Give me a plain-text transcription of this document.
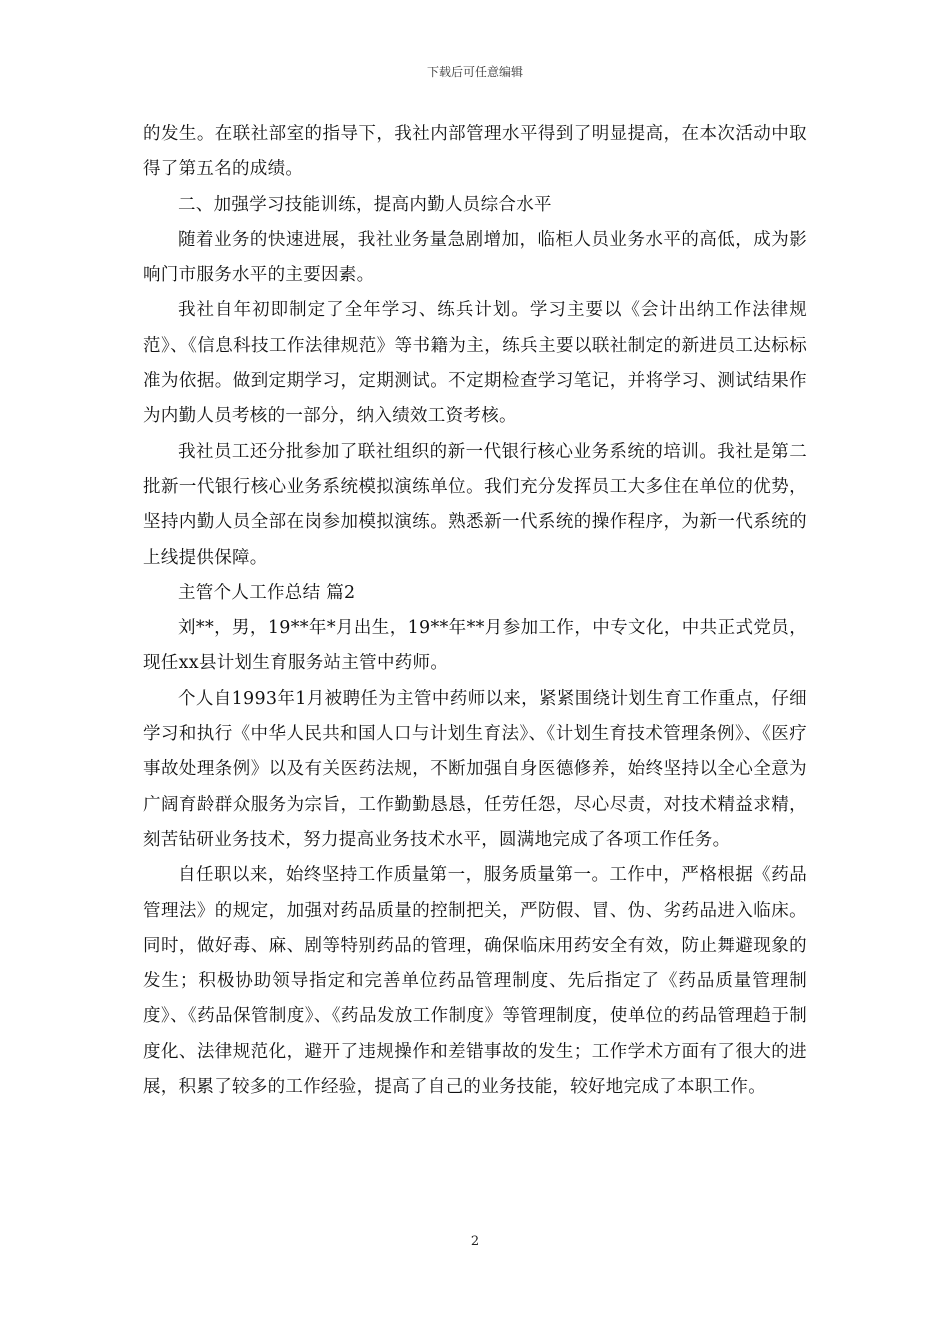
下载后可任意编辑

的发生。在联社部室的指导下，我社内部管理水平得到了明显提高，在本次活动中取得了第五名的成绩。

二、加强学习技能训练，提高内勤人员综合水平

随着业务的快速进展，我社业务量急剧增加，临柜人员业务水平的高低，成为影响门市服务水平的主要因素。

我社自年初即制定了全年学习、练兵计划。学习主要以《会计出纳工作法律规范》、《信息科技工作法律规范》等书籍为主，练兵主要以联社制定的新进员工达标标准为依据。做到定期学习，定期测试。不定期检查学习笔记，并将学习、测试结果作为内勤人员考核的一部分，纳入绩效工资考核。

我社员工还分批参加了联社组织的新一代银行核心业务系统的培训。我社是第二批新一代银行核心业务系统模拟演练单位。我们充分发挥员工大多住在单位的优势，坚持内勤人员全部在岗参加模拟演练。熟悉新一代系统的操作程序，为新一代系统的上线提供保障。

主管个人工作总结 篇2

刘**，男，19**年*月出生，19**年**月参加工作，中专文化，中共正式党员，现任xx县计划生育服务站主管中药师。

个人自1993年1月被聘任为主管中药师以来，紧紧围绕计划生育工作重点，仔细学习和执行《中华人民共和国人口与计划生育法》、《计划生育技术管理条例》、《医疗事故处理条例》以及有关医药法规，不断加强自身医德修养，始终坚持以全心全意为广阔育龄群众服务为宗旨，工作勤勤恳恳，任劳任怨，尽心尽责，对技术精益求精，刻苦钻研业务技术，努力提高业务技术水平，圆满地完成了各项工作任务。

自任职以来，始终坚持工作质量第一，服务质量第一。工作中，严格根据《药品管理法》的规定，加强对药品质量的控制把关，严防假、冒、伪、劣药品进入临床。同时，做好毒、麻、剧等特别药品的管理，确保临床用药安全有效，防止舞避现象的发生；积极协助领导指定和完善单位药品管理制度、先后指定了《药品质量管理制度》、《药品保管制度》、《药品发放工作制度》等管理制度，使单位的药品管理趋于制度化、法律规范化，避开了违规操作和差错事故的发生；工作学术方面有了很大的进展，积累了较多的工作经验，提高了自己的业务技能，较好地完成了本职工作。

2
